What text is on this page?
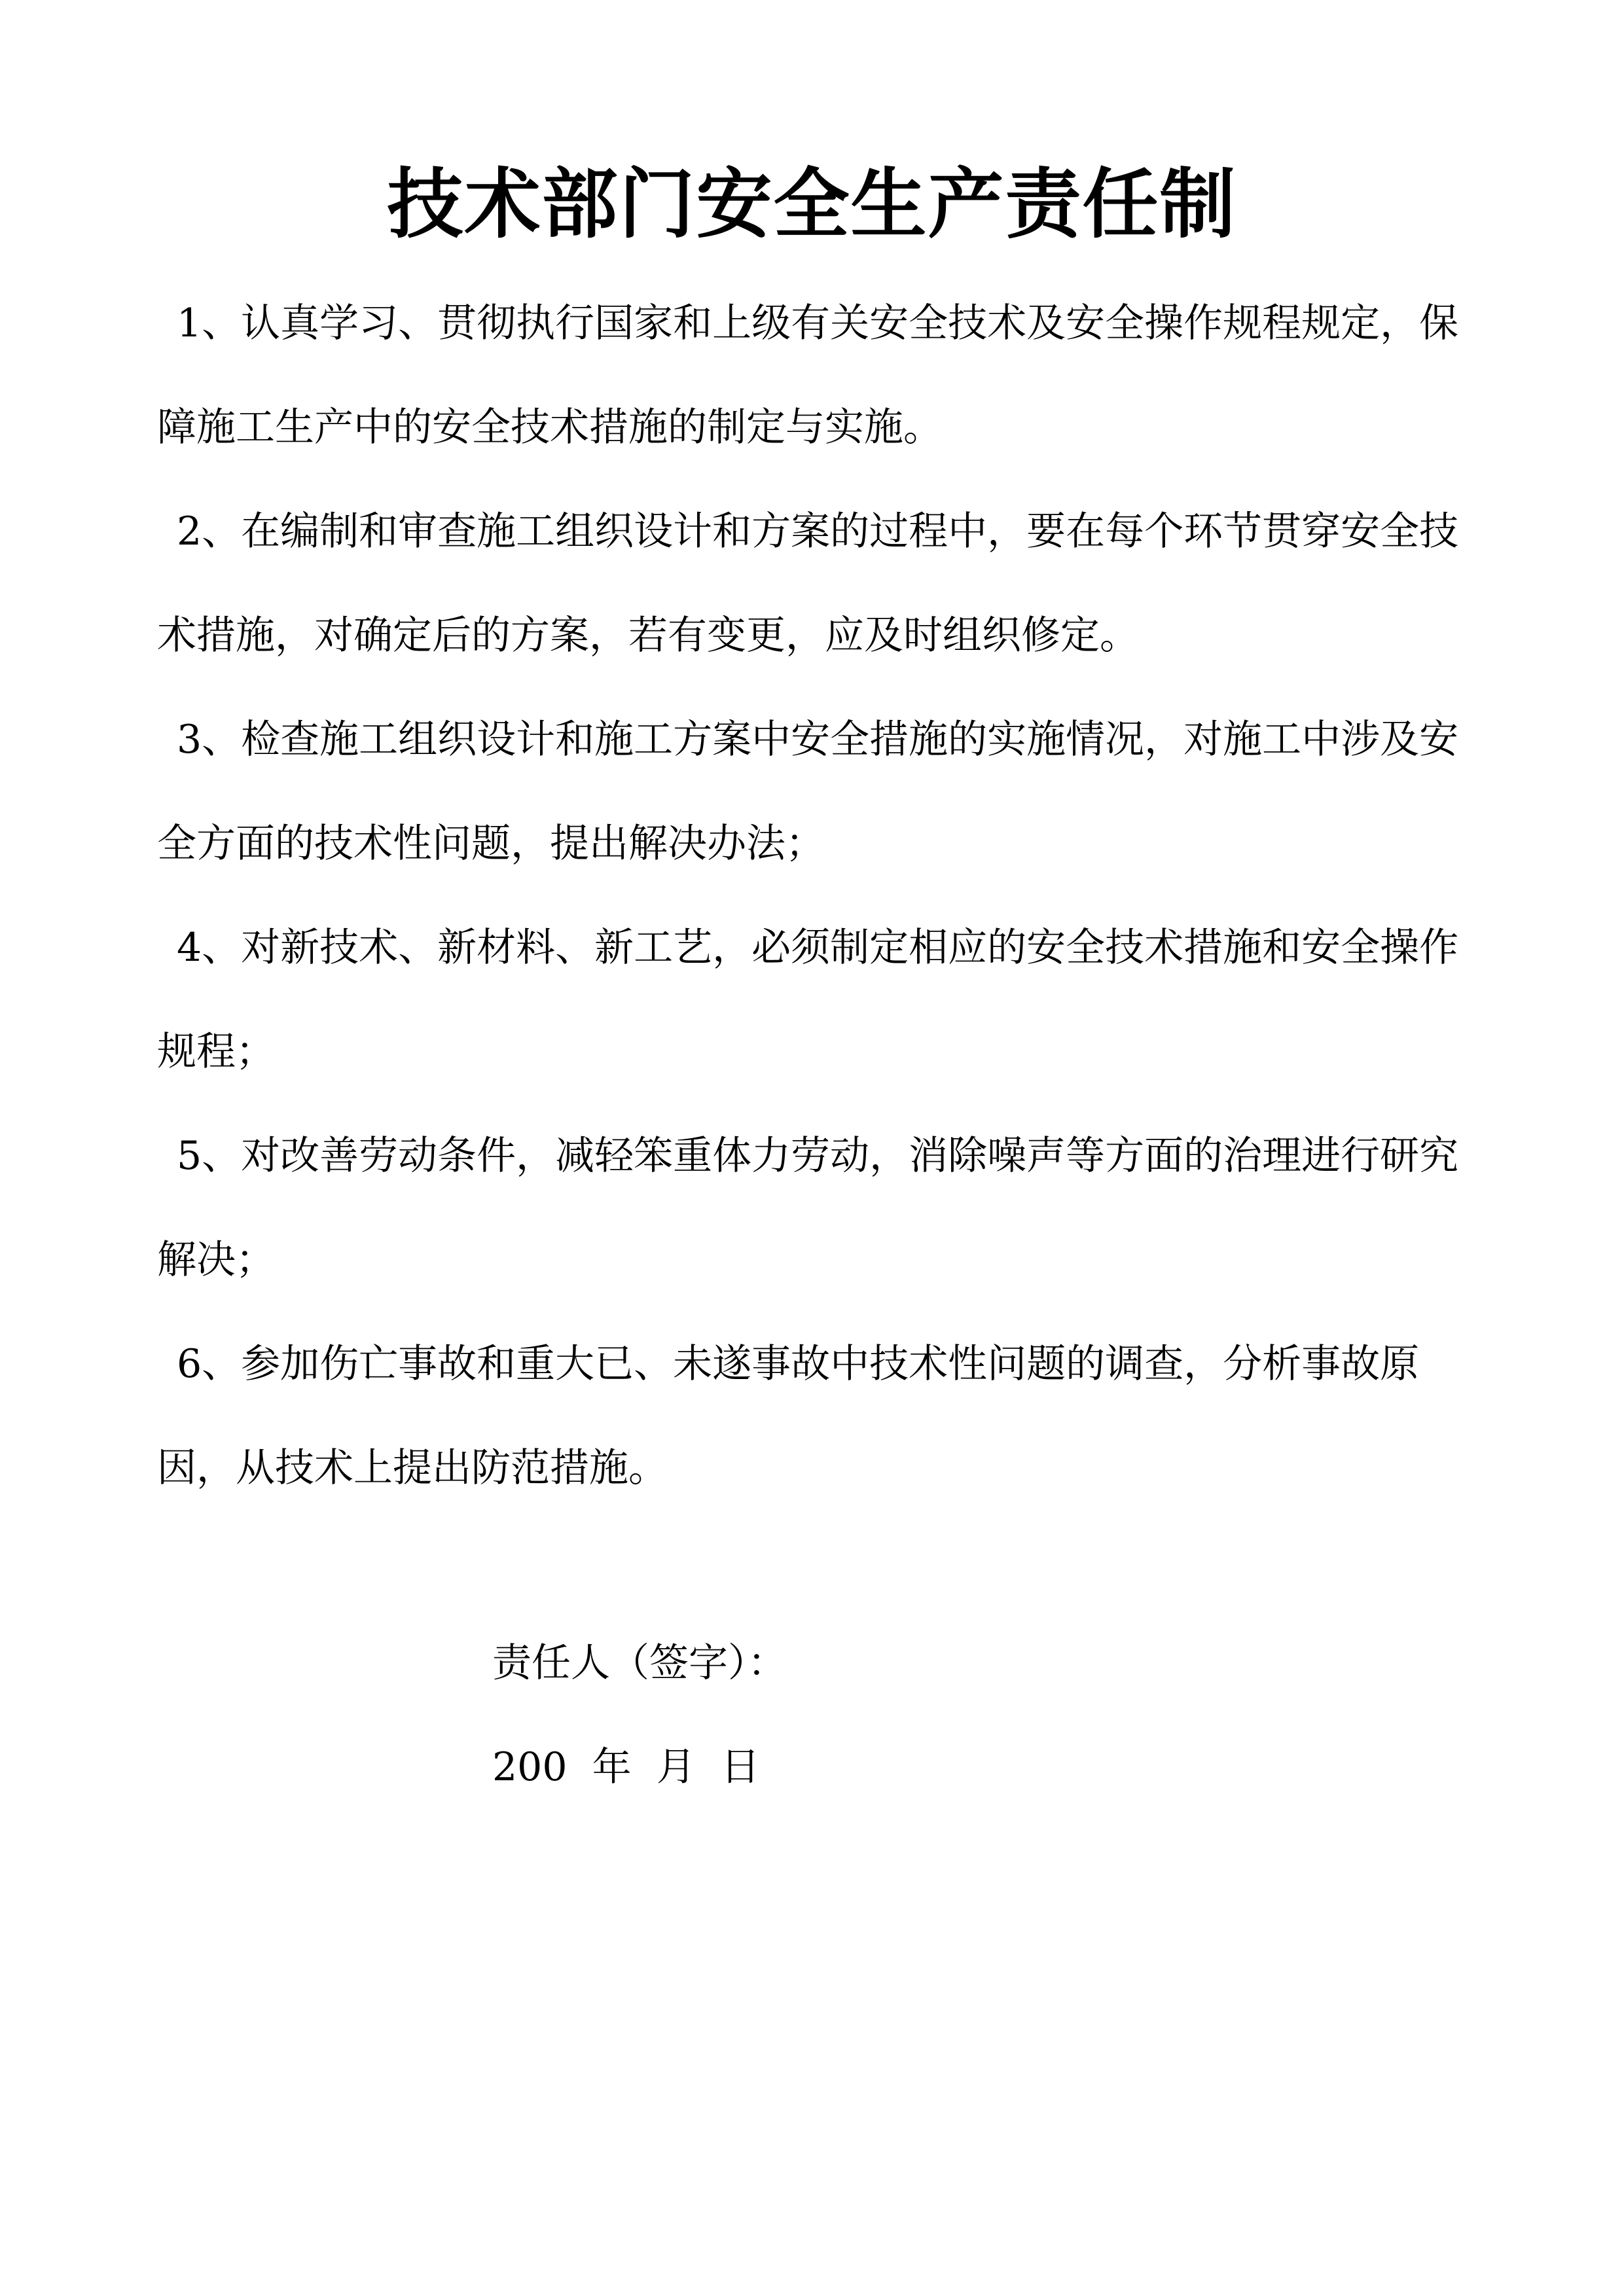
技术部门安全生产责任制

1、认真学习、贯彻执行国家和上级有关安全技术及安全操作规程规定，保障施工生产中的安全技术措施的制定与实施。

2、在编制和审查施工组织设计和方案的过程中，要在每个环节贯穿安全技术措施，对确定后的方案，若有变更，应及时组织修定。

3、检查施工组织设计和施工方案中安全措施的实施情况，对施工中涉及安全方面的技术性问题，提出解决办法；

4、对新技术、新材料、新工艺，必须制定相应的安全技术措施和安全操作规程；

5、对改善劳动条件，减轻笨重体力劳动，消除噪声等方面的治理进行研究解决；

6、参加伤亡事故和重大已、未遂事故中技术性问题的调查，分析事故原因，从技术上提出防范措施。

责任人（签字）：

200  年  月  日
